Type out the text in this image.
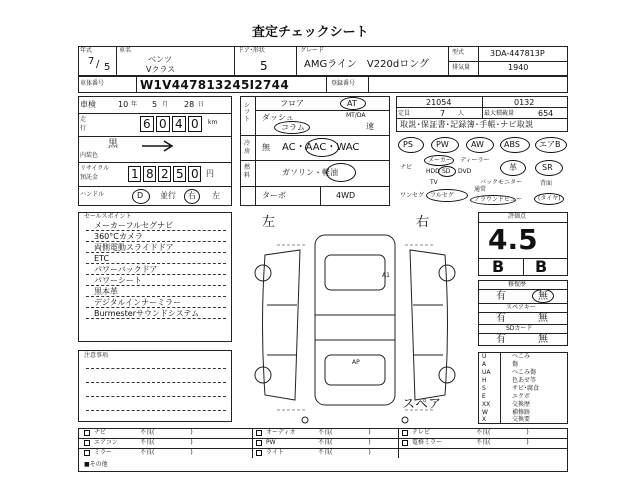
査定チェックシート
年式
7 / 5
車名
ベンツ
Vクラス
ドア･形状
5
グレード
AMGライン　V220dロング
型式	3DA-447813P
排気量	1940
車体番号	W1V447813245I2744	登録番号
車検	10 年 5 月 28 日
走
行	6 0 4 0 km
黒
内装色
リサイクル
預託金	1 8 2 5 0 円
ハンドル	D 並行 右 左
シフト
フロア	AT
ダッシュ	MT/DA
コラム	速
冷房 無 AC・AAC・WAC
燃料	ガソリン・軽油
ターボ	4WD
21054	0132
定員	7 人	最大積載量	654
取説･保証書･記録簿･手帳･ナビ取説
PS	PW	AW	ABS エアB
ナビ
メーカー ディーラー
HDD SD DVD
TV	バックモニター
革	SR
ワンセグ フルセグ
通常
アラウンドビュー
背面
(タイヤ)
セールスポイント
メーカーフルセグナビ
360°Cカメラ
両側電動スライドドア
ETC
パワーバックドア
パワーシート
黒本革
デジタルインナーミラー
Burmesterサウンドシステム
注意事項
左	右
A1
AP
スペア
評価点
4.5
B B
修復歴
有	無
スペアキー
有	無
SDカード
有	無
U	へこみ
A	傷
UA	へこみ傷
H	色あせ等
S	サビ･腐食
E	エクボ
XX	交換歴
W	補修跡
X	交換要
ナビ	不良(　　　　　　)	オーディオ	不良(　　　　　　)	テレビ	不良(　　　　　　)
エアコン	不良(　　　　　　)	PW	不良(　　　　　　)	電格ミラー	不良(　　　　　　)
ミラー	不良(　　　　　　)	ライト	不良(　　　　　　)
■その他
